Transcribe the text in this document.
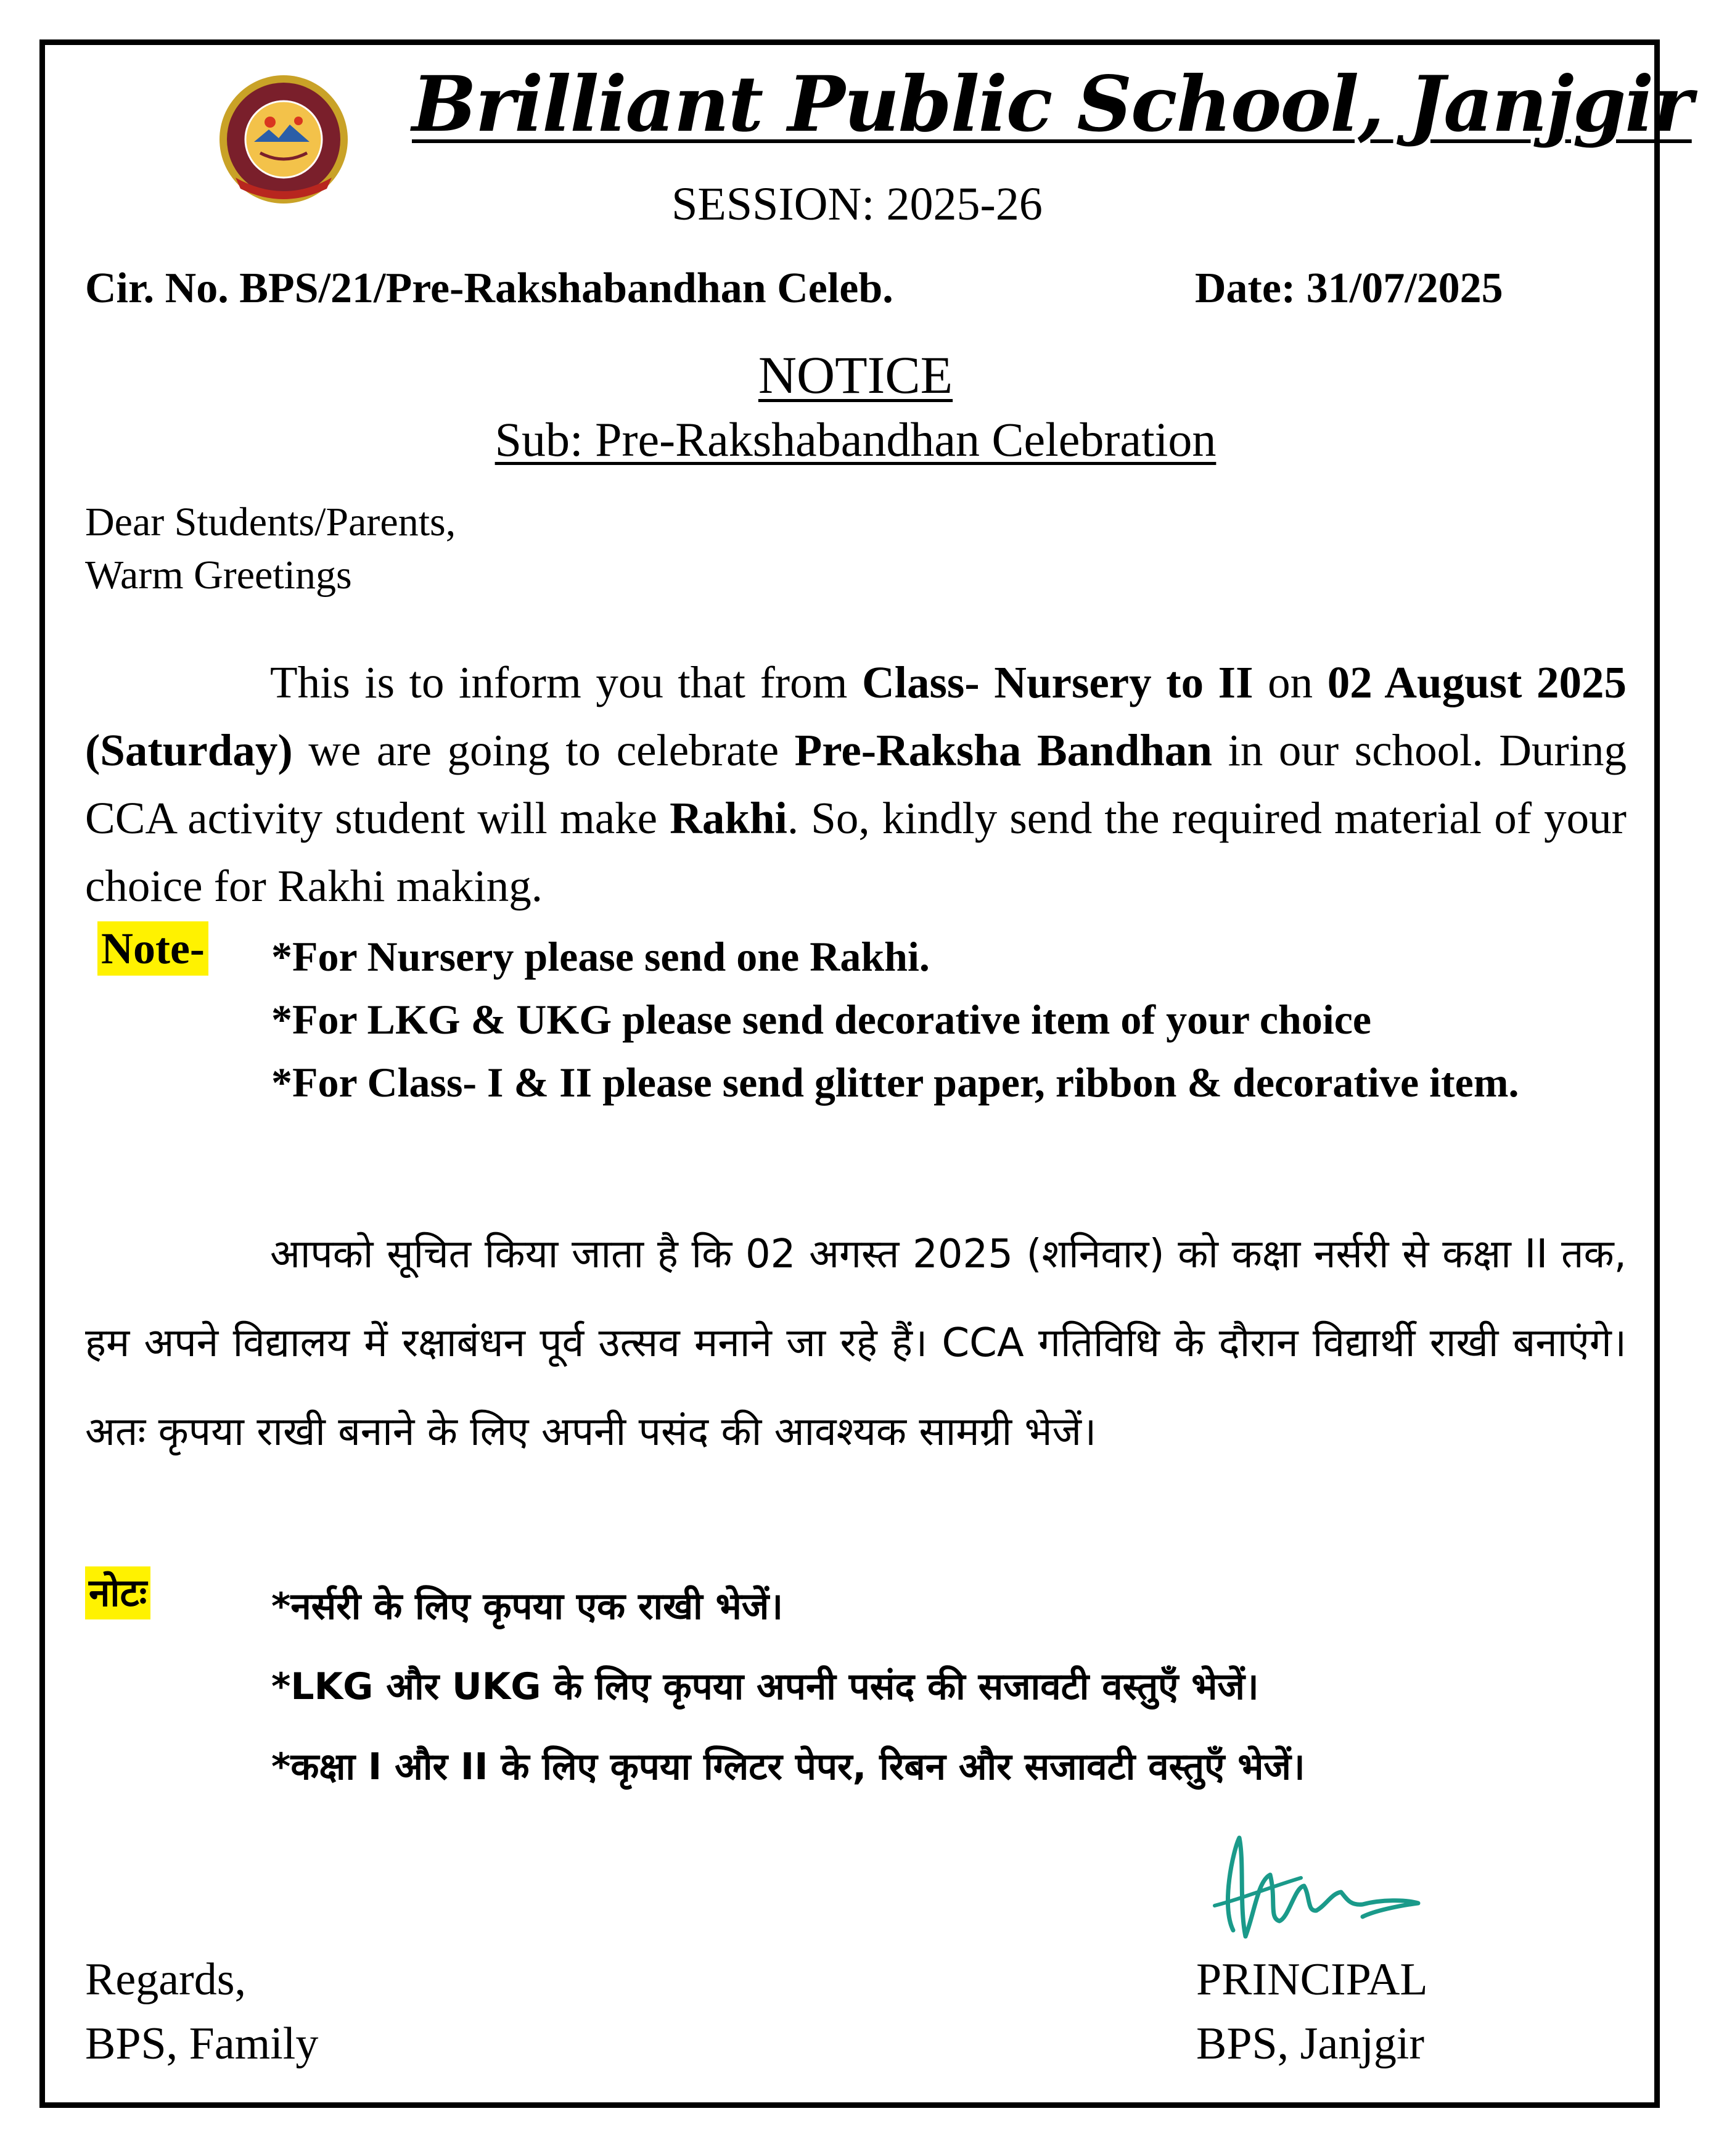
Brilliant Public School, Janjgir
SESSION: 2025-26
Cir. No. BPS/21/Pre-Rakshabandhan Celeb.	Date: 31/07/2025
NOTICE
Sub: Pre-Rakshabandhan Celebration
Dear Students/Parents,
Warm Greetings
This is to inform you that from Class- Nursery to II on 02 August 2025 (Saturday) we are going to celebrate Pre-Raksha Bandhan in our school. During CCA activity student will make Rakhi. So, kindly send the required material of your choice for Rakhi making.
Note- *For Nursery please send one Rakhi.
*For LKG & UKG please send decorative item of your choice
*For Class- I & II please send glitter paper, ribbon & decorative item.
आपको सूचित किया जाता है कि 02 अगस्त 2025 (शनिवार) को कक्षा नर्सरी से कक्षा II तक, हम अपने विद्यालय में रक्षाबंधन पूर्व उत्सव मनाने जा रहे हैं। CCA गतिविधि के दौरान विद्यार्थी राखी बनाएंगे। अतः कृपया राखी बनाने के लिए अपनी पसंद की आवश्यक सामग्री भेजें।
नोटः	*नर्सरी के लिए कृपया एक राखी भेजें।
*LKG और UKG के लिए कृपया अपनी पसंद की सजावटी वस्तुएँ भेजें।
*कक्षा I और II के लिए कृपया ग्लिटर पेपर, रिबन और सजावटी वस्तुएँ भेजें।
Regards,
BPS, Family
PRINCIPAL
BPS, Janjgir
